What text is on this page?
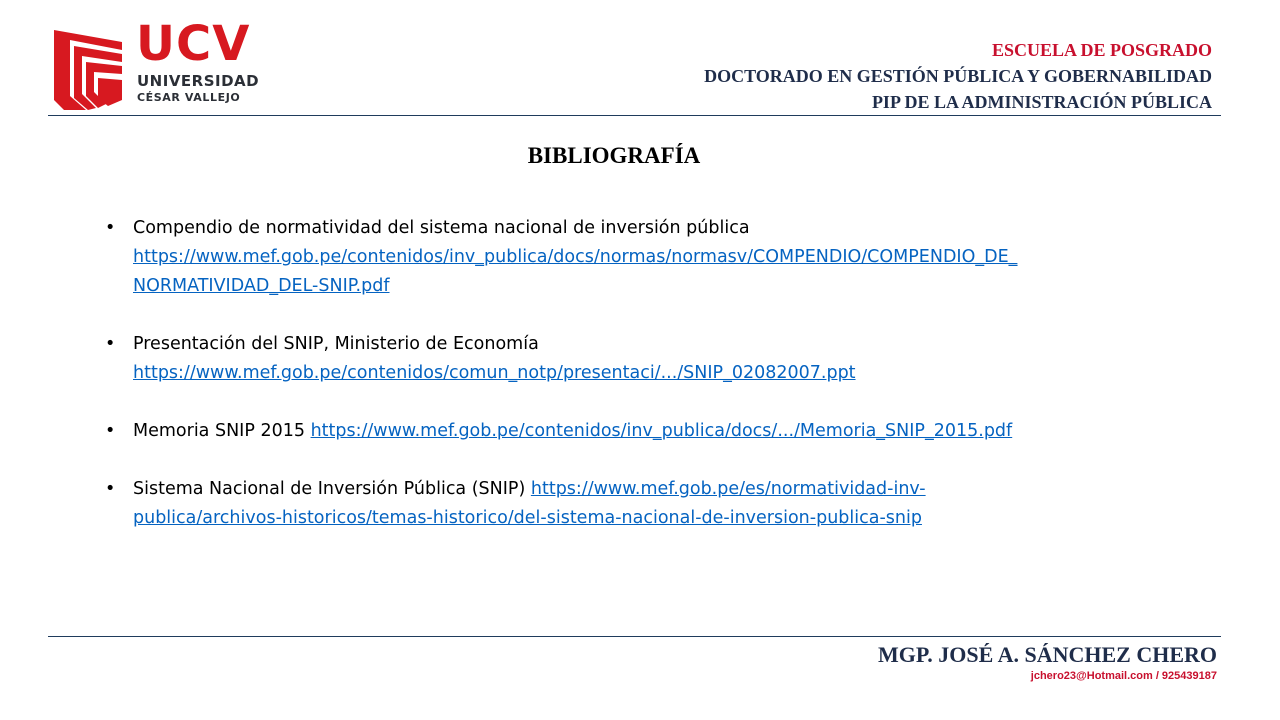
UCV
UNIVERSIDAD
CÉSAR VALLEJO
ESCUELA DE POSGRADO
DOCTORADO EN GESTIÓN PÚBLICA Y GOBERNABILIDAD
PIP DE LA ADMINISTRACIÓN PÚBLICA
BIBLIOGRAFÍA
• Compendio de normatividad del sistema nacional de inversión pública
https://www.mef.gob.pe/contenidos/inv_publica/docs/normas/normasv/COMPENDIO/COMPENDIO_DE_
NORMATIVIDAD_DEL-SNIP.pdf
• Presentación del SNIP, Ministerio de Economía
https://www.mef.gob.pe/contenidos/comun_notp/presentaci/.../SNIP_02082007.ppt
• Memoria SNIP 2015 https://www.mef.gob.pe/contenidos/inv_publica/docs/.../Memoria_SNIP_2015.pdf
• Sistema Nacional de Inversión Pública (SNIP) https://www.mef.gob.pe/es/normatividad-inv-
publica/archivos-historicos/temas-historico/del-sistema-nacional-de-inversion-publica-snip
MGP. JOSÉ A. SÁNCHEZ CHERO
jchero23@Hotmail.com / 925439187
